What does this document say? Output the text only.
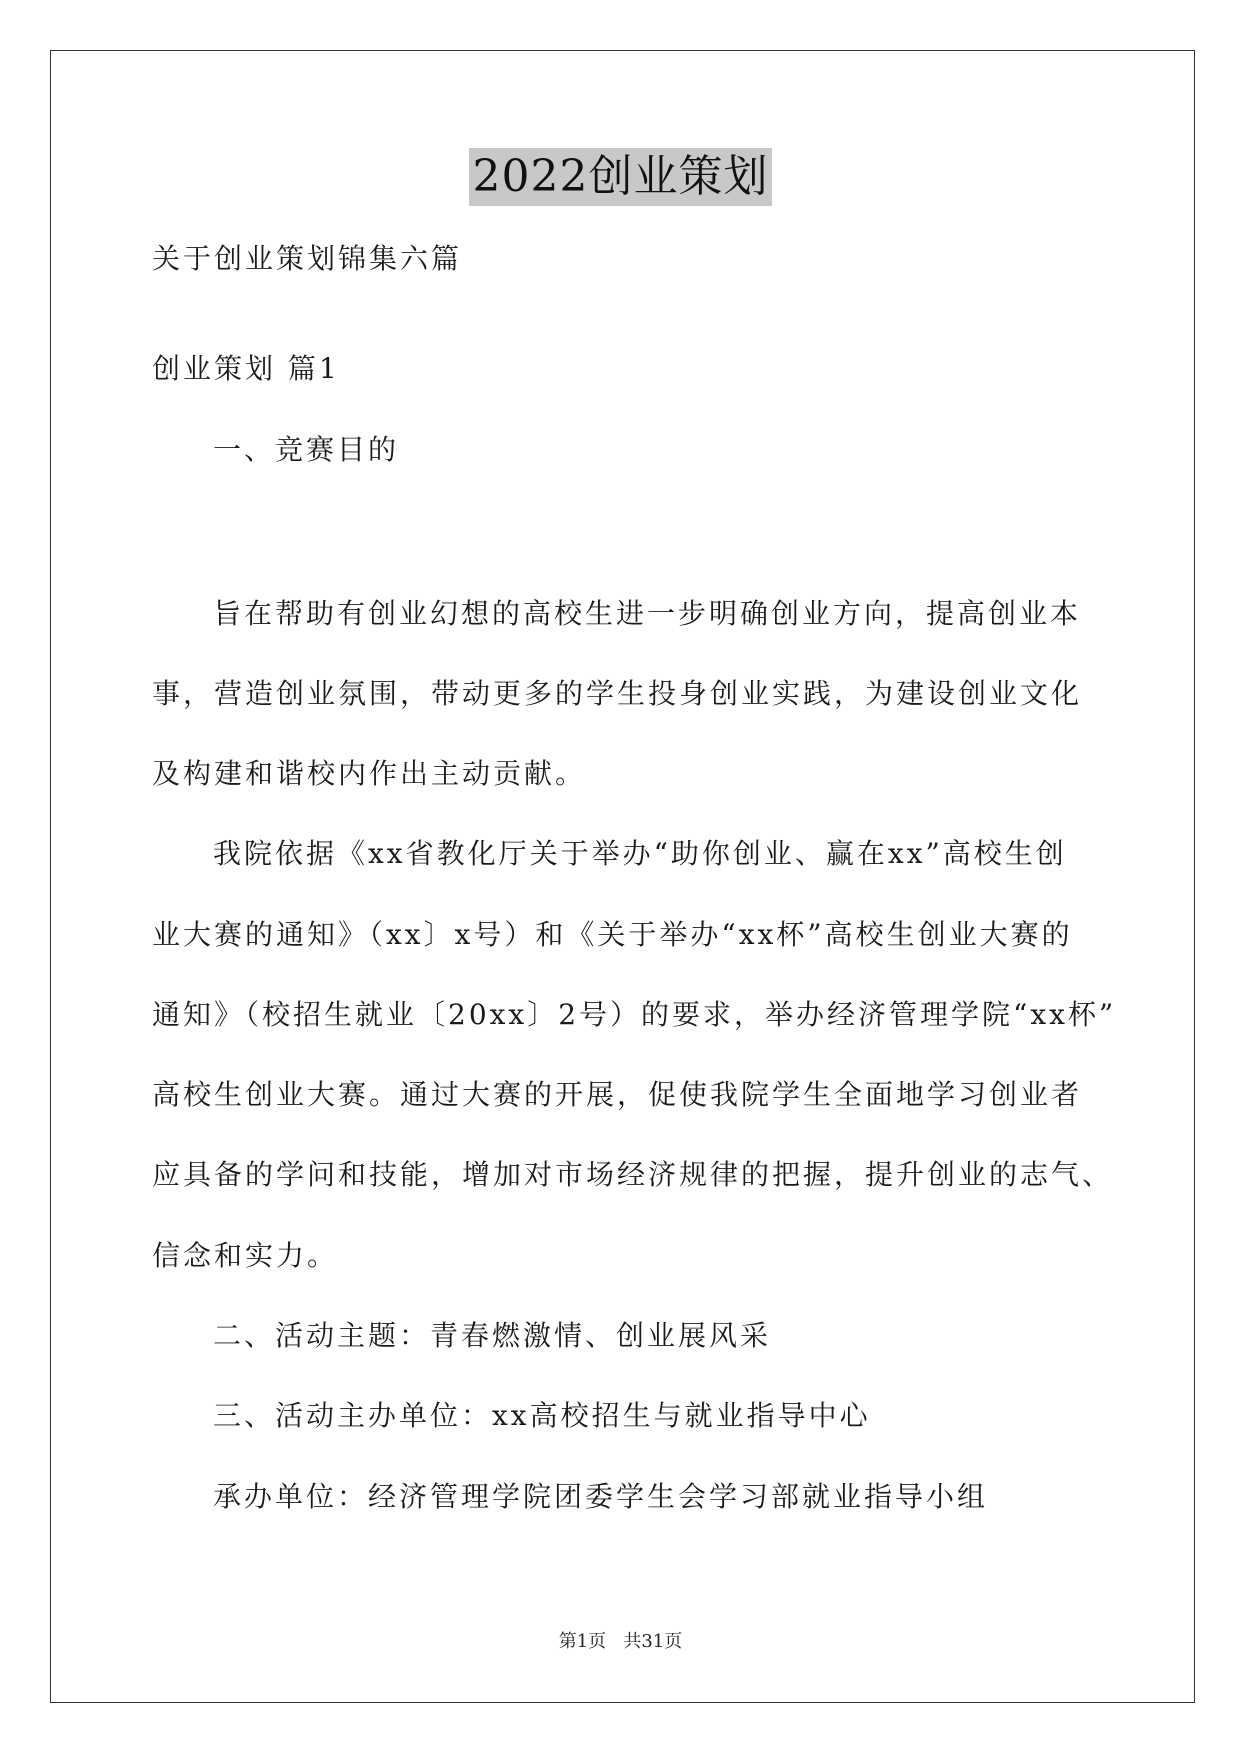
2022创业策划
关于创业策划锦集六篇
创业策划 篇1
一、竞赛目的
旨在帮助有创业幻想的高校生进一步明确创业方向，提高创业本
事，营造创业氛围，带动更多的学生投身创业实践，为建设创业文化
及构建和谐校内作出主动贡献。
我院依据《xx省教化厅关于举办“助你创业、赢在xx”高校生创
业大赛的通知》（xx〕x号）和《关于举办“xx杯”高校生创业大赛的
通知》（校招生就业〔20xx〕2号）的要求，举办经济管理学院“xx杯”
高校生创业大赛。通过大赛的开展，促使我院学生全面地学习创业者
应具备的学问和技能，增加对市场经济规律的把握，提升创业的志气、
信念和实力。
二、活动主题：青春燃激情、创业展风采
三、活动主办单位：xx高校招生与就业指导中心
承办单位：经济管理学院团委学生会学习部就业指导小组
第1页   共31页
